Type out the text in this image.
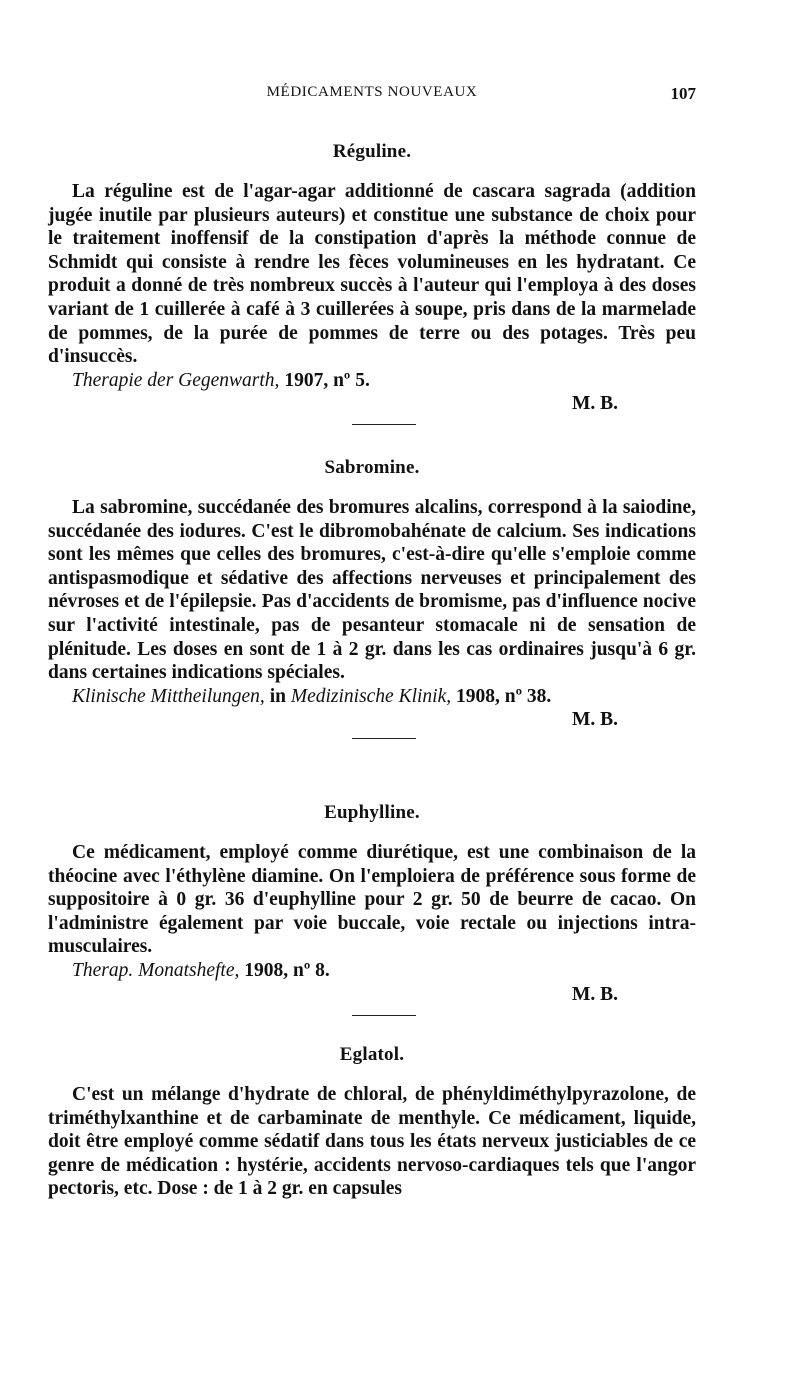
MÉDICAMENTS NOUVEAUX	107
Réguline.

La réguline est de l'agar-agar additionné de cascara sagrada (addition jugée inutile par plusieurs auteurs) et constitue une substance de choix pour le traitement inoffensif de la constipation d'après la méthode connue de Schmidt qui consiste à rendre les fèces volumineuses en les hydratant. Ce produit a donné de très nombreux succès à l'auteur qui l'employa à des doses variant de 1 cuillerée à café à 3 cuillerées à soupe, pris dans de la marmelade de pommes, de la purée de pommes de terre ou des potages. Très peu d'insuccès.

Therapie der Gegenwarth, 1907, nº 5.

M. B.
Sabromine.

La sabromine, succédanée des bromures alcalins, correspond à la saiodine, succédanée des iodures. C'est le dibromobahénate de calcium. Ses indications sont les mêmes que celles des bromures, c'est-à-dire qu'elle s'emploie comme antispasmodique et sédative des affections nerveuses et principalement des névroses et de l'épilepsie. Pas d'accidents de bromisme, pas d'influence nocive sur l'activité intestinale, pas de pesanteur stomacale ni de sensation de plénitude. Les doses en sont de 1 à 2 gr. dans les cas ordinaires jusqu'à 6 gr. dans certaines indications spéciales.

Klinische Mittheilungen, in Medizinische Klinik, 1908, nº 38.

M. B.
Euphylline.

Ce médicament, employé comme diurétique, est une combinaison de la théocine avec l'éthylène diamine. On l'emploiera de préférence sous forme de suppositoire à 0 gr. 36 d'euphylline pour 2 gr. 50 de beurre de cacao. On l'administre également par voie buccale, voie rectale ou injections intra-musculaires.

Therap. Monatshefte, 1908, nº 8.

M. B.
Eglatol.

C'est un mélange d'hydrate de chloral, de phényldiméthylpyrazolone, de triméthylxanthine et de carbaminate de menthyle. Ce médicament, liquide, doit être employé comme sédatif dans tous les états nerveux justiciables de ce genre de médication : hystérie, accidents nervoso-cardiaques tels que l'angor pectoris, etc. Dose : de 1 à 2 gr. en capsules
